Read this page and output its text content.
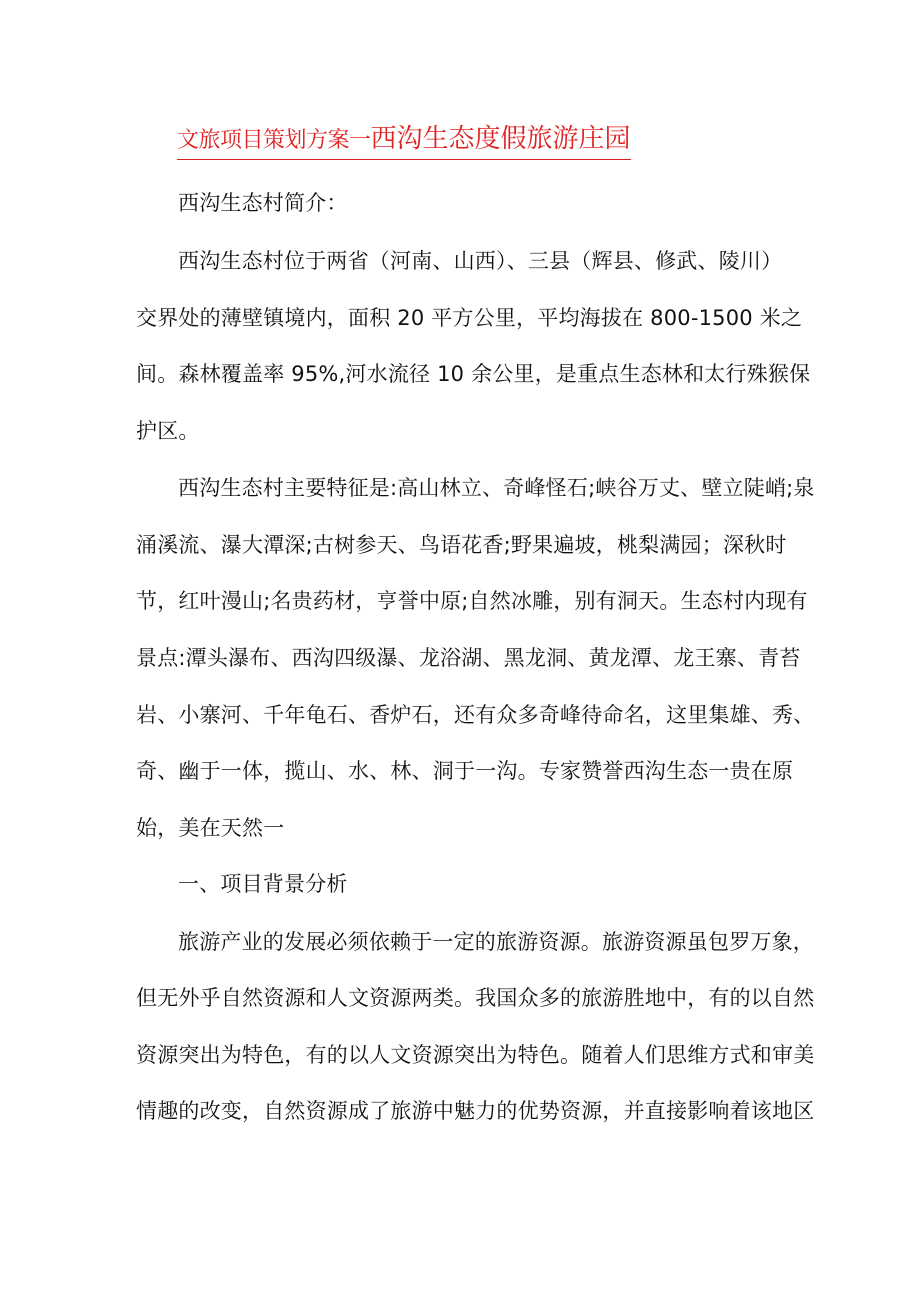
文旅项目策划方案一西沟生态度假旅游庄园
西沟生态村简介：
西沟生态村位于两省（河南、山西）、三县（辉县、修武、陵川）
交界处的薄壁镇境内，面积 20 平方公里，平均海拔在 800-1500 米之
间。森林覆盖率 95%,河水流径 10 余公里，是重点生态林和太行殊猴保
护区。
西沟生态村主要特征是:高山林立、奇峰怪石;峡谷万丈、壁立陡峭;泉
涌溪流、瀑大潭深;古树参天、鸟语花香;野果遍坡，桃梨满园；深秋时
节，红叶漫山;名贵药材，亨誉中原;自然冰雕，别有洞天。生态村内现有
景点:潭头瀑布、西沟四级瀑、龙浴湖、黑龙洞、黄龙潭、龙王寨、青苔
岩、小寨河、千年龟石、香炉石，还有众多奇峰待命名，这里集雄、秀、
奇、幽于一体，揽山、水、林、洞于一沟。专家赞誉西沟生态一贵在原
始，美在天然一
一、项目背景分析
旅游产业的发展必须依赖于一定的旅游资源。旅游资源虽包罗万象，
但无外乎自然资源和人文资源两类。我国众多的旅游胜地中，有的以自然
资源突出为特色，有的以人文资源突出为特色。随着人们思维方式和审美
情趣的改变，自然资源成了旅游中魅力的优势资源，并直接影响着该地区
